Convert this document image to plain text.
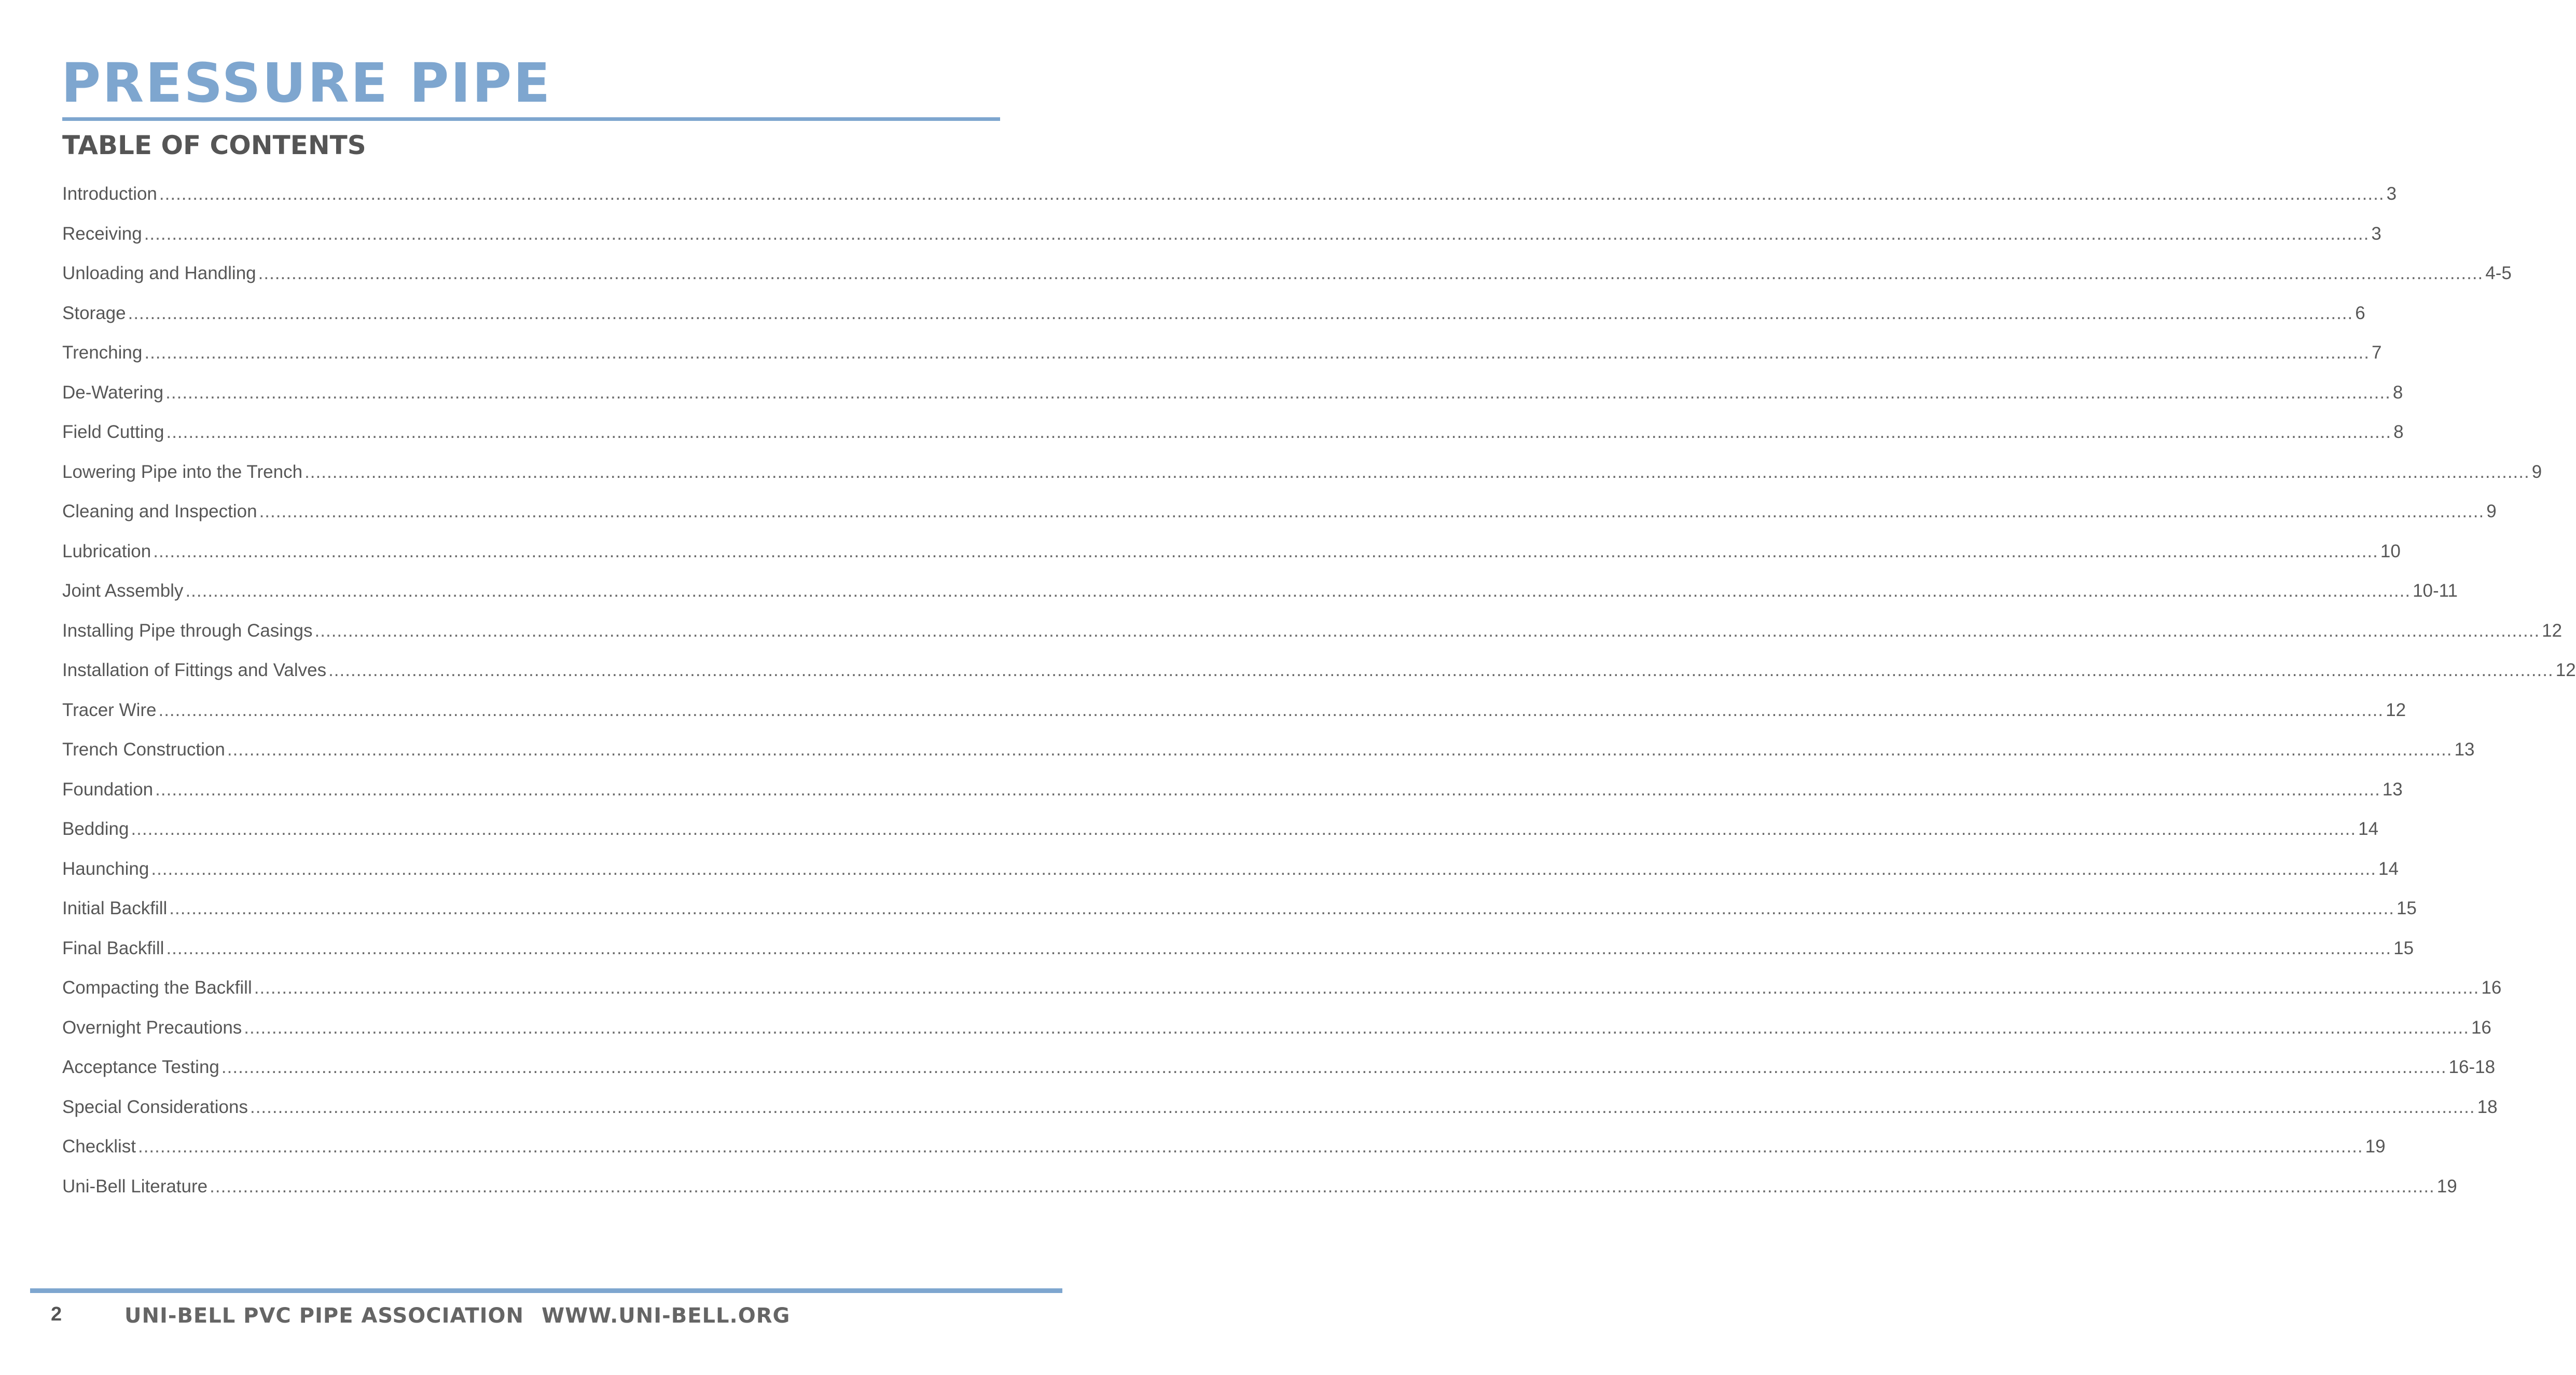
PRESSURE PIPE
TABLE OF CONTENTS
Introduction ................................................................................................................................................................................................................................................................................................................................................................................................................ 3
Receiving ................................................................................................................................................................................................................................................................................................................................................................................................................ 3
Unloading and Handling ................................................................................................................................................................................................................................................................................................................................................................................................................ 4-5
Storage ................................................................................................................................................................................................................................................................................................................................................................................................................ 6
Trenching ................................................................................................................................................................................................................................................................................................................................................................................................................ 7
De-Watering ................................................................................................................................................................................................................................................................................................................................................................................................................ 8
Field Cutting ................................................................................................................................................................................................................................................................................................................................................................................................................ 8
Lowering Pipe into the Trench ................................................................................................................................................................................................................................................................................................................................................................................................................ 9
Cleaning and Inspection ................................................................................................................................................................................................................................................................................................................................................................................................................ 9
Lubrication ................................................................................................................................................................................................................................................................................................................................................................................................................ 10
Joint Assembly ................................................................................................................................................................................................................................................................................................................................................................................................................ 10-11
Installing Pipe through Casings ................................................................................................................................................................................................................................................................................................................................................................................................................ 12
Installation of Fittings and Valves ................................................................................................................................................................................................................................................................................................................................................................................................................ 12
Tracer Wire ................................................................................................................................................................................................................................................................................................................................................................................................................ 12
Trench Construction ................................................................................................................................................................................................................................................................................................................................................................................................................ 13
Foundation ................................................................................................................................................................................................................................................................................................................................................................................................................ 13
Bedding ................................................................................................................................................................................................................................................................................................................................................................................................................ 14
Haunching ................................................................................................................................................................................................................................................................................................................................................................................................................ 14
Initial Backfill ................................................................................................................................................................................................................................................................................................................................................................................................................ 15
Final Backfill ................................................................................................................................................................................................................................................................................................................................................................................................................ 15
Compacting the Backfill ................................................................................................................................................................................................................................................................................................................................................................................................................ 16
Overnight Precautions ................................................................................................................................................................................................................................................................................................................................................................................................................ 16
Acceptance Testing ................................................................................................................................................................................................................................................................................................................................................................................................................ 16-18
Special Considerations ................................................................................................................................................................................................................................................................................................................................................................................................................ 18
Checklist ................................................................................................................................................................................................................................................................................................................................................................................................................ 19
Uni-Bell Literature ................................................................................................................................................................................................................................................................................................................................................................................................................ 19
2	UNI-BELL PVC PIPE ASSOCIATION WWW.UNI-BELL.ORG
